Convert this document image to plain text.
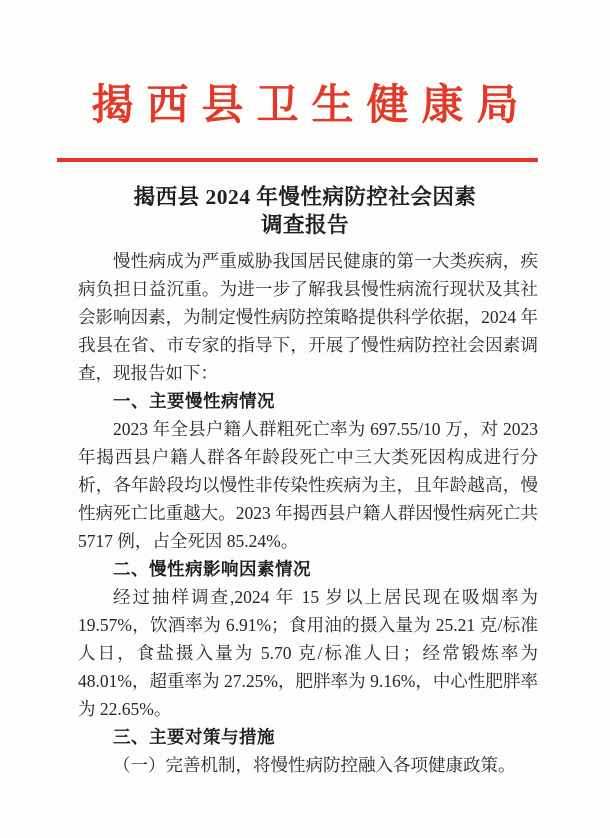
揭西县卫生健康局
揭西县 2024 年慢性病防控社会因素
调查报告

慢性病成为严重威胁我国居民健康的第一大类疾病，疾病负担日益沉重。为进一步了解我县慢性病流行现状及其社会影响因素，为制定慢性病防控策略提供科学依据，2024 年我县在省、市专家的指导下，开展了慢性病防控社会因素调查，现报告如下：

一、主要慢性病情况

2023 年全县户籍人群粗死亡率为 697.55/10 万，对 2023 年揭西县户籍人群各年龄段死亡中三大类死因构成进行分析，各年龄段均以慢性非传染性疾病为主，且年龄越高，慢性病死亡比重越大。2023 年揭西县户籍人群因慢性病死亡共 5717 例，占全死因 85.24%。

二、慢性病影响因素情况

经过抽样调查,2024 年 15 岁以上居民现在吸烟率为 19.57%，饮酒率为 6.91%；食用油的摄入量为 25.21 克/标准人日，食盐摄入量为 5.70 克/标准人日；经常锻炼率为 48.01%，超重率为 27.25%，肥胖率为 9.16%，中心性肥胖率为 22.65%。

三、主要对策与措施

（一）完善机制，将慢性病防控融入各项健康政策。
